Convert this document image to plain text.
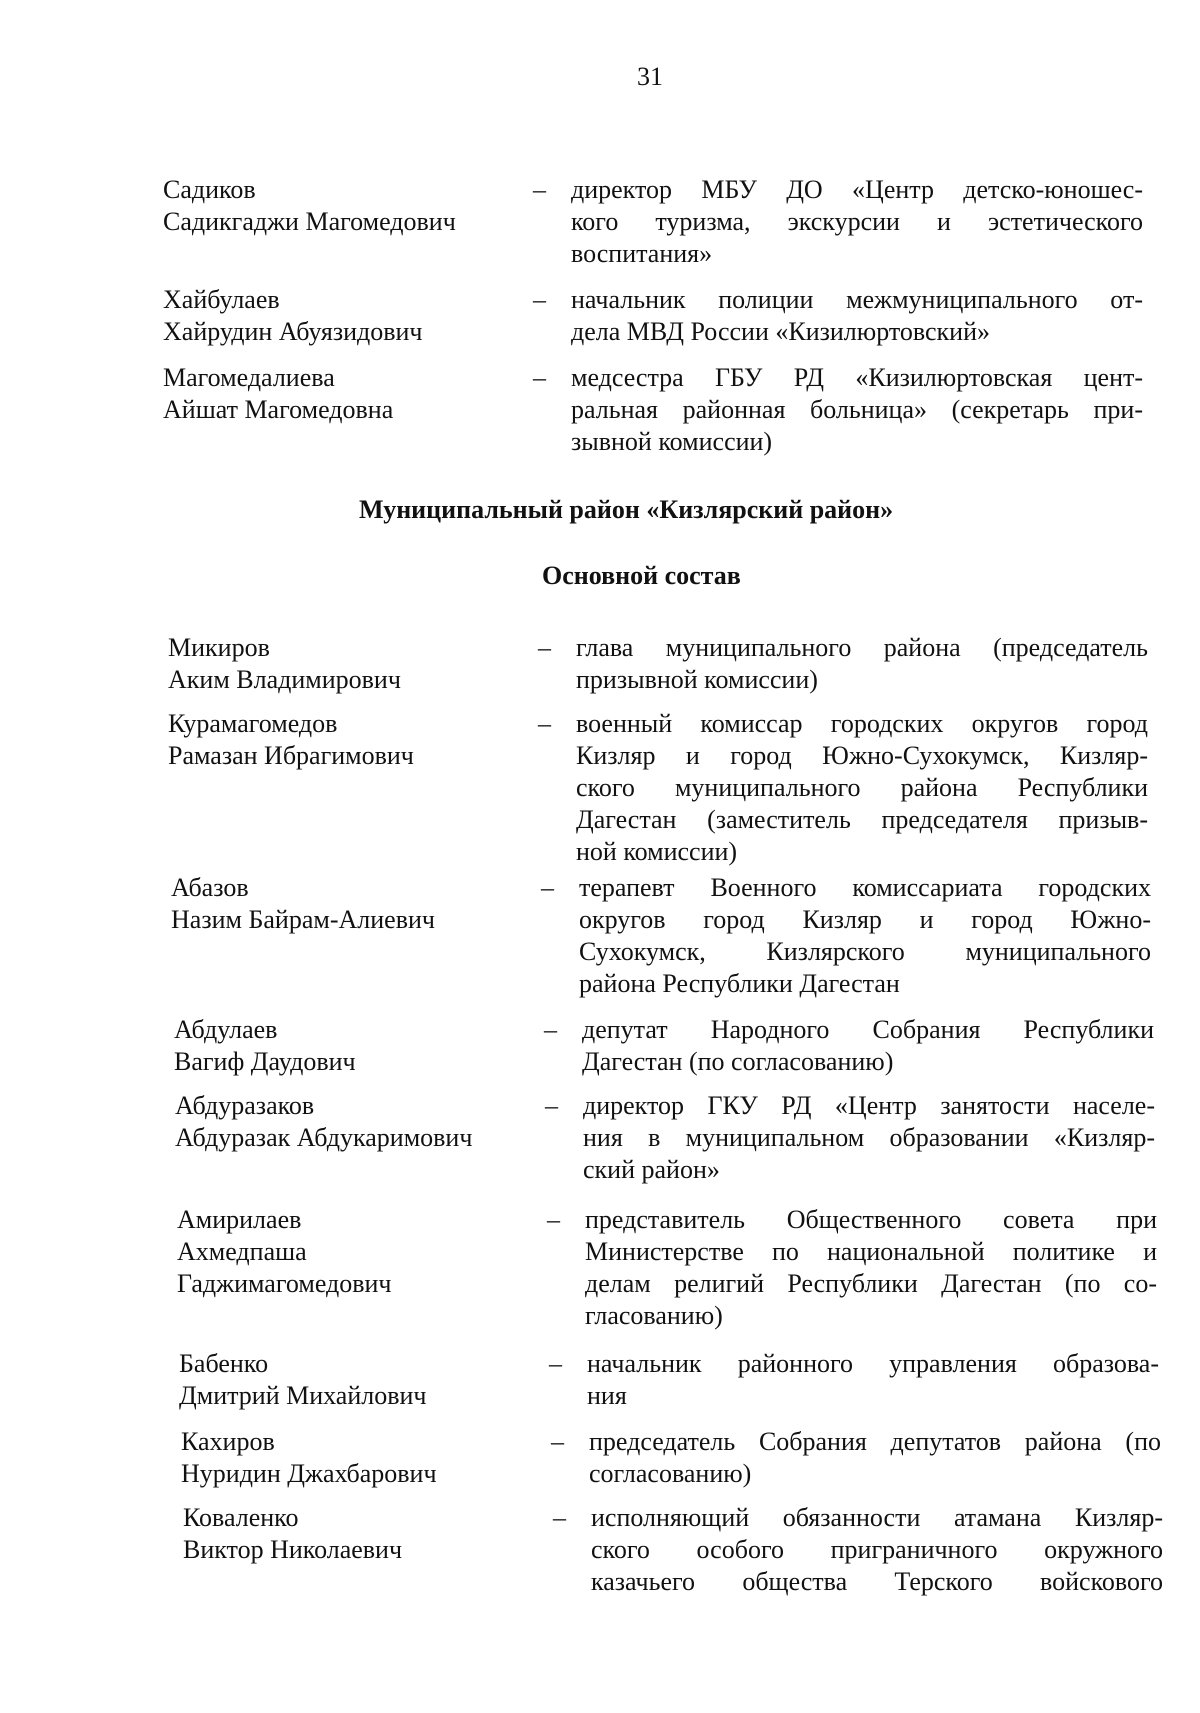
31
Садиков
Садикгаджи Магомедович
– директор МБУ ДО «Центр детско-юношес-
кого туризма, экскурсии и эстетического
воспитания»
Хайбулаев
Хайрудин Абуязидович
– начальник полиции межмуниципального от-
дела МВД России «Кизилюртовский»
Магомедалиева
Айшат Магомедовна
– медсестра ГБУ РД «Кизилюртовская цент-
ральная районная больница» (секретарь при-
зывной комиссии)
Муниципальный район «Кизлярский район»
Основной состав
Микиров
Аким Владимирович
– глава муниципального района (председатель
призывной комиссии)
Курамагомедов
Рамазан Ибрагимович
– военный комиссар городских округов город
Кизляр и город Южно-Сухокумск, Кизляр-
ского муниципального района Республики
Дагестан (заместитель председателя призыв-
ной комиссии)
Абазов
Назим Байрам-Алиевич
– терапевт Военного комиссариата городских
округов город Кизляр и город Южно-
Сухокумск, Кизлярского муниципального
района Республики Дагестан
Абдулаев
Вагиф Даудович
– депутат Народного Собрания Республики
Дагестан (по согласованию)
Абдуразаков
Абдуразак Абдукаримович
– директор ГКУ РД «Центр занятости населе-
ния в муниципальном образовании «Кизляр-
ский район»
Амирилаев
Ахмедпаша
Гаджимагомедович
– представитель Общественного совета при
Министерстве по национальной политике и
делам религий Республики Дагестан (по со-
гласованию)
Бабенко
Дмитрий Михайлович
– начальник районного управления образова-
ния
Кахиров
Нуридин Джахбарович
– председатель Собрания депутатов района (по
согласованию)
Коваленко
Виктор Николаевич
– исполняющий обязанности атамана Кизляр-
ского особого приграничного окружного
казачьего общества Терского войскового
